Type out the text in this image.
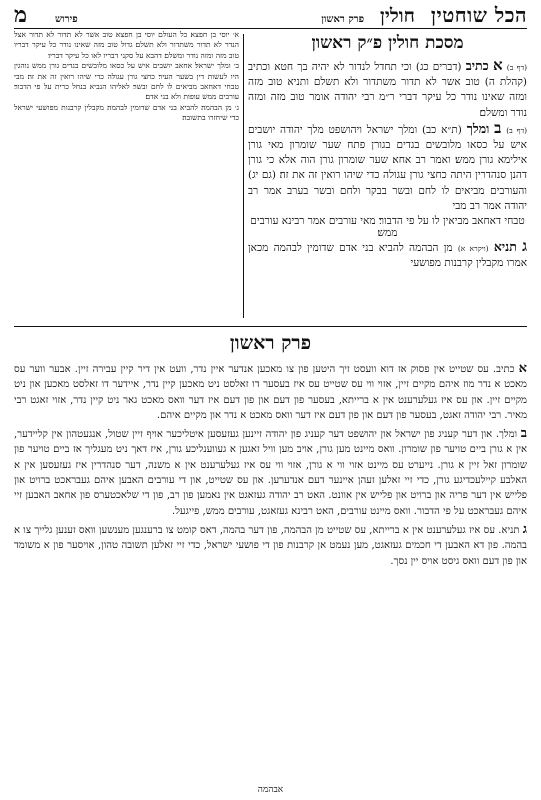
הכל שוחטין
חולין
פרק ראשון
פירוש
מ
מסכת חולין פ״ק ראשון

(דף ב) א כתיב (דברים כג) וכי תחדל לנדור לא יהיה בך חטא וכתיב (קהלת ה) טוב אשר לא תדור משתדור ולא תשלם ותניא טוב מזה ומזה שאינו נודר כל עיקר דברי ר״מ רבי יהודה אומר טוב מזה ומזה נודר ומשלם׃

(דף ב) ב ומלך (ת״א כב) ומלך ישראל ויהושפט מלך יהודה יושבים איש על כסאו מלובשים בגדים בגורן פתח שער שומרון מאי גורן אילימא גורן ממש׃ ואמר רב אחא׃ שער שומרון גורן הוה אלא כי גורן דהנן סנהדרין היתה כחצי גורן עגולה כדי שיהו רואין זה את זה׃ (גם יג) והעורבים מביאים לו לחם ובשר בבקר ולחם ובשר בערב אמר רב יהודה אמר רב מבי

טבחי דאחאב מביאין לו על פי הדבור׃ מאי עורבים אמר רבינא עורבים ממש׃

ג תניא (ויקרא א) מן הבהמה להביא בני אדם שדומין לבהמה מכאן אמרו מקבלין קרבנות מפושעי

א׳ יוסי בן חפצא׃ כל העולם יוסי בן חפצא׃ טוב אשר לא תדור לא תדור אצל הנדר לא תדור משתדור ולא תשלם׃ גדול טוב מזה שאינו נודר כל עיקר דבריו טוב מזה ומזה נודר ומשלם׃ דהבא על סקני דבריו לאו כל עיקר דבריו׃

ב׳ ומלך ישראל׃ אחאב יושבים איש על כסאו מלובשים בגדים גורן ממש נוהגין היו לעשות דין בשער העיר׃ כחצי גורן עגולה כדי שיהו רואין זה את זה׃ מבי טבחי דאחאב מביאים לו לחם ובשר׃ לאליהו הנביא בנחל כרית על פי הדבור׃ עורבים ממש עופות ולא בני אדם׃

ג׳ מן הבהמה׃ להביא בני אדם שדומין לבהמה׃ מקבלין קרבנות מפושעי ישראל כדי שיחזרו בתשובה׃

פרק ראשון

א כתיב. עס שטייט אין פסוק אז דוא וועסט זיך היטען פון צו מאכען אנדער איין נדר, וועט אין דיר קיין עבירה זיין. אבער ווער עס מאכט א נדר מוז איהם מקיים זיין, אזוי ווי עס שטייט עס איז בעסער דו זאלסט ניט מאכען קיין נדר, איידער דו זאלסט מאכען און ניט מקיים זיין. און עס איז געלערענט אין א ברייתא, בעסער פון דעם און פון דעם איז דער וואס מאכט גאר ניט קיין נדר, אזוי זאגט רבי מאיר. רבי יהודה זאגט, בעסער פון דעם און פון דעם איז דער וואס מאכט א נדר און מקיים איהם.

ב ומלך. און דער קעניג פון ישראל און יהושפט דער קעניג פון יהודה זיינען געזעסען איטליכער אויף זיין שטול, אנגעטהון אין קליידער, אין א גורן ביים טויער פון שומרון. וואס מיינט מען גורן, אויב מען וויל זאגען א געווענליכע גורן, איז דאך ניט מעגליך אז ביים טויער פון שומרון זאל זיין א גורן. נייערט עס מיינט אזוי ווי א גורן, אזוי ווי עס איז געלערענט אין א משנה, דער סנהדרין איז געזעסען אין א האלבע קיילעכדיגע גורן, כדי זיי זאלען זעהן איינער דעם אנדערען. און עס שטייט, און די עורבים האבען איהם געבראכט ברויט און פלייש אין דער פריה און ברויט און פלייש אין אוונט. האט רב יהודה געזאגט אין נאמען פון רב, פון די שלאכטערס פון אחאב האבען זיי איהם געבראכט על פי הדבור. וואס מיינט עורבים, האט רבינא געזאגט, עורבים ממש, פייגעל.

ג תניא. עס איז געלערענט אין א ברייתא, עס שטייט מן הבהמה, פון דער בהמה, דאס קומט צו ברענגען מענשען וואס זענען גלייך צו א בהמה. פון דא האבען די חכמים געזאגט, מען נעמט אן קרבנות פון די פושעי ישראל, כדי זיי זאלען תשובה טהון, אויסער פון א משומד און פון דעם וואס גיסט אויס יין נסך.

אבהמה
